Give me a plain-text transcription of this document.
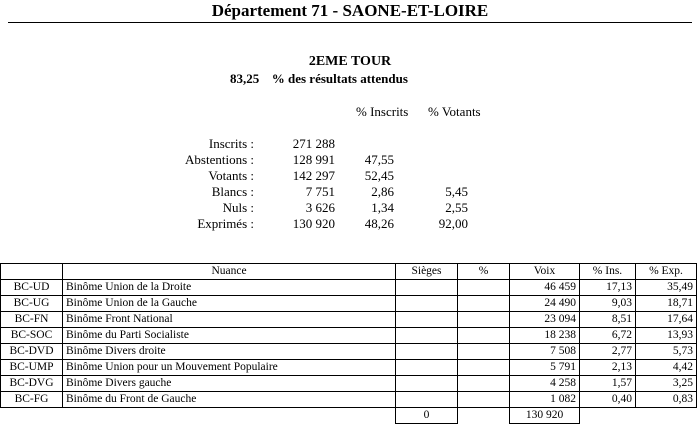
Département 71 - SAONE-ET-LOIRE
2EME TOUR
83,25 % des résultats attendus
% Inscrits % Votants
Inscrits :	271 288
Abstentions :	128 991 47,55
Votants :	142 297 52,45
Blancs :	7 751	2,86	5,45
Nuls :	3 626	1,34	2,55
Exprimés :	130 920 48,26	92,00
	Nuance	Sièges	%	Voix	% Ins.	% Exp.
BC-UD	Binôme Union de la Droite			46 459	17,13	35,49
BC-UG	Binôme Union de la Gauche			24 490	9,03	18,71
BC-FN	Binôme Front National			23 094	8,51	17,64
BC-SOC	Binôme du Parti Socialiste			18 238	6,72	13,93
BC-DVD	Binôme Divers droite			7 508	2,77	5,73
BC-UMP	Binôme Union pour un Mouvement Populaire			5 791	2,13	4,42
BC-DVG	Binôme Divers gauche			4 258	1,57	3,25
BC-FG	Binôme du Front de Gauche			1 082	0,40	0,83
		0		130 920		
